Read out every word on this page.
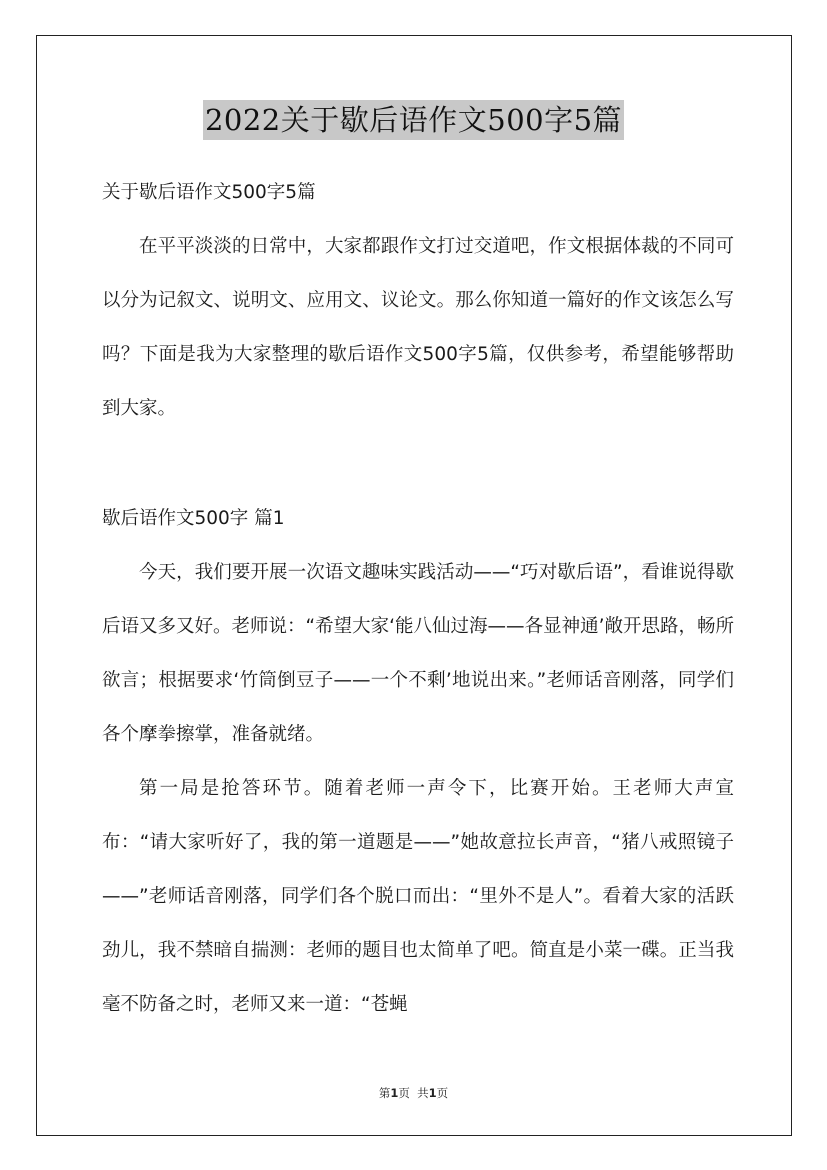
2022关于歇后语作文500字5篇
关于歇后语作文500字5篇

在平平淡淡的日常中，大家都跟作文打过交道吧，作文根据体裁的不同可以分为记叙文、说明文、应用文、议论文。那么你知道一篇好的作文该怎么写吗？下面是我为大家整理的歇后语作文500字5篇，仅供参考，希望能够帮助到大家。

歇后语作文500字 篇1

今天，我们要开展一次语文趣味实践活动——“巧对歇后语”，看谁说得歇后语又多又好。老师说：“希望大家‘能八仙过海——各显神通’敞开思路，畅所欲言；根据要求‘竹筒倒豆子——一个不剩’地说出来。”老师话音刚落，同学们各个摩拳擦掌，准备就绪。

第一局是抢答环节。随着老师一声令下，比赛开始。王老师大声宣布：“请大家听好了，我的第一道题是——”她故意拉长声音，“猪八戒照镜子——”老师话音刚落，同学们各个脱口而出：“里外不是人”。看着大家的活跃劲儿，我不禁暗自揣测：老师的题目也太简单了吧。简直是小菜一碟。正当我毫不防备之时，老师又来一道：“苍蝇

第1页 共1页
